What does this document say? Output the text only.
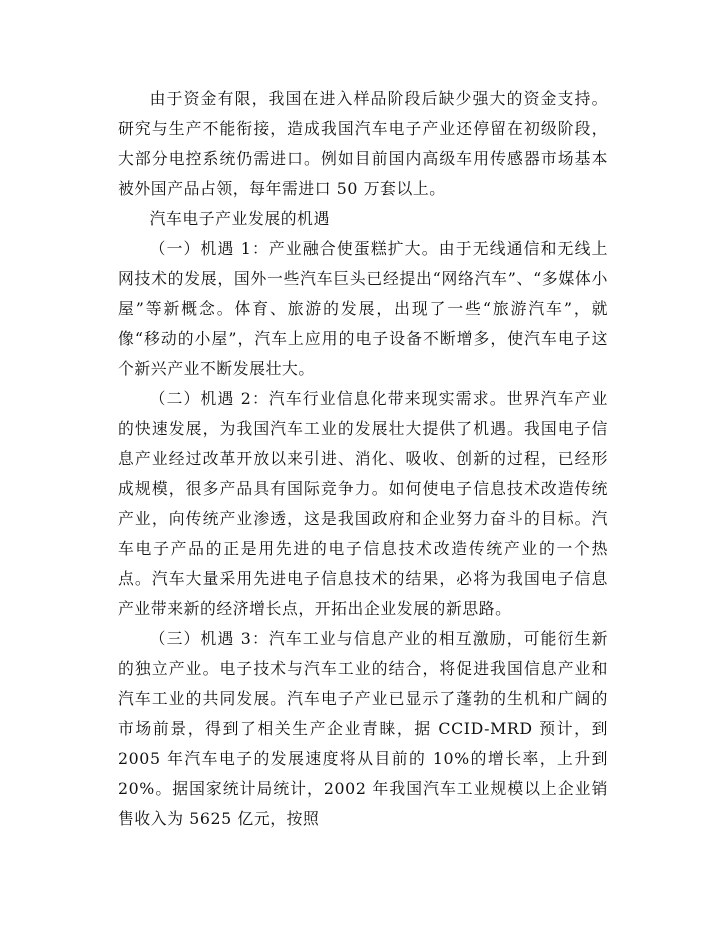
由于资金有限，我国在进入样品阶段后缺少强大的资金支持。研究与生产不能衔接，造成我国汽车电子产业还停留在初级阶段，大部分电控系统仍需进口。例如目前国内高级车用传感器市场基本被外国产品占领，每年需进口 50 万套以上。

汽车电子产业发展的机遇

（一）机遇 1：产业融合使蛋糕扩大。由于无线通信和无线上网技术的发展，国外一些汽车巨头已经提出“网络汽车”、“多媒体小屋”等新概念。体育、旅游的发展，出现了一些“旅游汽车”，就像“移动的小屋”，汽车上应用的电子设备不断增多，使汽车电子这个新兴产业不断发展壮大。

（二）机遇 2：汽车行业信息化带来现实需求。世界汽车产业的快速发展，为我国汽车工业的发展壮大提供了机遇。我国电子信息产业经过改革开放以来引进、消化、吸收、创新的过程，已经形成规模，很多产品具有国际竞争力。如何使电子信息技术改造传统产业，向传统产业渗透，这是我国政府和企业努力奋斗的目标。汽车电子产品的正是用先进的电子信息技术改造传统产业的一个热点。汽车大量采用先进电子信息技术的结果，必将为我国电子信息产业带来新的经济增长点，开拓出企业发展的新思路。

（三）机遇 3：汽车工业与信息产业的相互激励，可能衍生新的独立产业。电子技术与汽车工业的结合，将促进我国信息产业和汽车工业的共同发展。汽车电子产业已显示了蓬勃的生机和广阔的市场前景，得到了相关生产企业青睐，据 CCID-MRD 预计，到 2005 年汽车电子的发展速度将从目前的 10%的增长率，上升到 20%。据国家统计局统计，2002 年我国汽车工业规模以上企业销售收入为 5625 亿元，按照
